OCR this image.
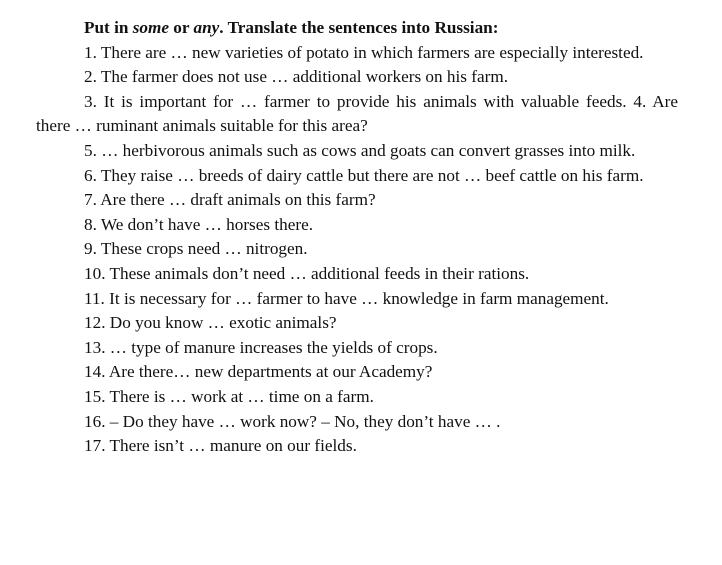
Put in some or any. Translate the sentences into Russian:

1. There are … new varieties of potato in which farmers are especially interested.

2. The farmer does not use … additional workers on his farm.

3. It is important for … farmer to provide his animals with valuable feeds. 4. Are there … ruminant animals suitable for this area?

5. … herbivorous animals such as cows and goats can convert grasses into milk.

6. They raise … breeds of dairy cattle but there are not … beef cattle on his farm.

7. Are there … draft animals on this farm?

8. We don’t have … horses there.

9. These crops need … nitrogen.

10. These animals don’t need … additional feeds in their rations.

11. It is necessary for … farmer to have … knowledge in farm management.

12. Do you know … exotic animals?

13. … type of manure increases the yields of crops.

14. Are there… new departments at our Academy?

15. There is … work at … time on a farm.

16. – Do they have … work now? – No, they don’t have … .

17. There isn’t … manure on our fields.
